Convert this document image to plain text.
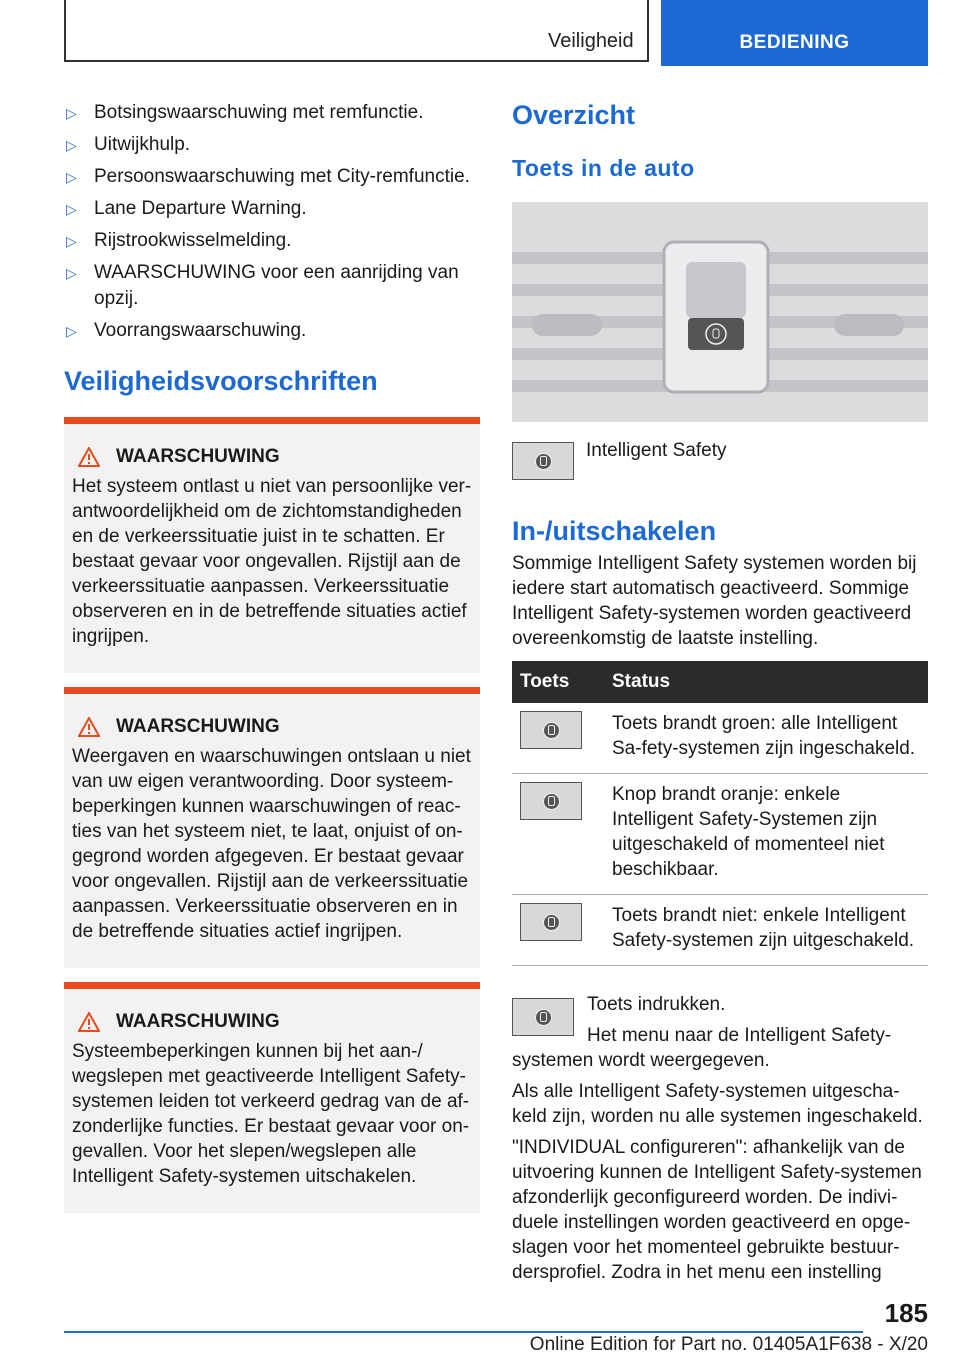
Veiligheid	BEDIENING
▷ Botsingswaarschuwing met remfunctie.
▷ Uitwijkhulp.
▷ Persoonswaarschuwing met City-remfunctie.
▷ Lane Departure Warning.
▷ Rijstrookwisselmelding.
▷ WAARSCHUWING voor een aanrijding van opzij.
▷ Voorrangswaarschuwing.
Veiligheidsvoorschriften
WAARSCHUWING
Het systeem ontlast u niet van persoonlijke ver-antwoordelijkheid om de zichtomstandigheden en de verkeerssituatie juist in te schatten. Er bestaat gevaar voor ongevallen. Rijstijl aan de verkeerssituatie aanpassen. Verkeerssituatie observeren en in de betreffende situaties actief ingrijpen.
WAARSCHUWING
Weergaven en waarschuwingen ontslaan u niet van uw eigen verantwoording. Door systeem-beperkingen kunnen waarschuwingen of reac-ties van het systeem niet, te laat, onjuist of on-gegrond worden afgegeven. Er bestaat gevaar voor ongevallen. Rijstijl aan de verkeerssituatie aanpassen. Verkeerssituatie observeren en in de betreffende situaties actief ingrijpen.
WAARSCHUWING
Systeembeperkingen kunnen bij het aan-/ wegslepen met geactiveerde Intelligent Safety-systemen leiden tot verkeerd gedrag van de af-zonderlijke functies. Er bestaat gevaar voor on-gevallen. Voor het slepen/wegslepen alle Intelligent Safety-systemen uitschakelen.
Overzicht
Toets in de auto
Intelligent Safety
In-/uitschakelen

Sommige Intelligent Safety systemen worden bij iedere start automatisch geactiveerd. Sommige Intelligent Safety-systemen worden geactiveerd overeenkomstig de laatste instelling.

Toets	Status

	Toets brandt groen: alle Intelligent Sa-fety-systemen zijn ingeschakeld.

	Knop brandt oranje: enkele Intelligent Safety-Systemen zijn uitgeschakeld of momenteel niet beschikbaar.

	Toets brandt niet: enkele Intelligent Safety-systemen zijn uitgeschakeld.

Toets indrukken.

Het menu naar de Intelligent Safety-systemen wordt weergegeven.

Als alle Intelligent Safety-systemen uitgescha-keld zijn, worden nu alle systemen ingeschakeld.

"INDIVIDUAL configureren": afhankelijk van de uitvoering kunnen de Intelligent Safety-systemen afzonderlijk geconfigureerd worden. De indivi-duele instellingen worden geactiveerd en opge-slagen voor het momenteel gebruikte bestuur-dersprofiel. Zodra in het menu een instelling

185
Online Edition for Part no. 01405A1F638 - X/20
